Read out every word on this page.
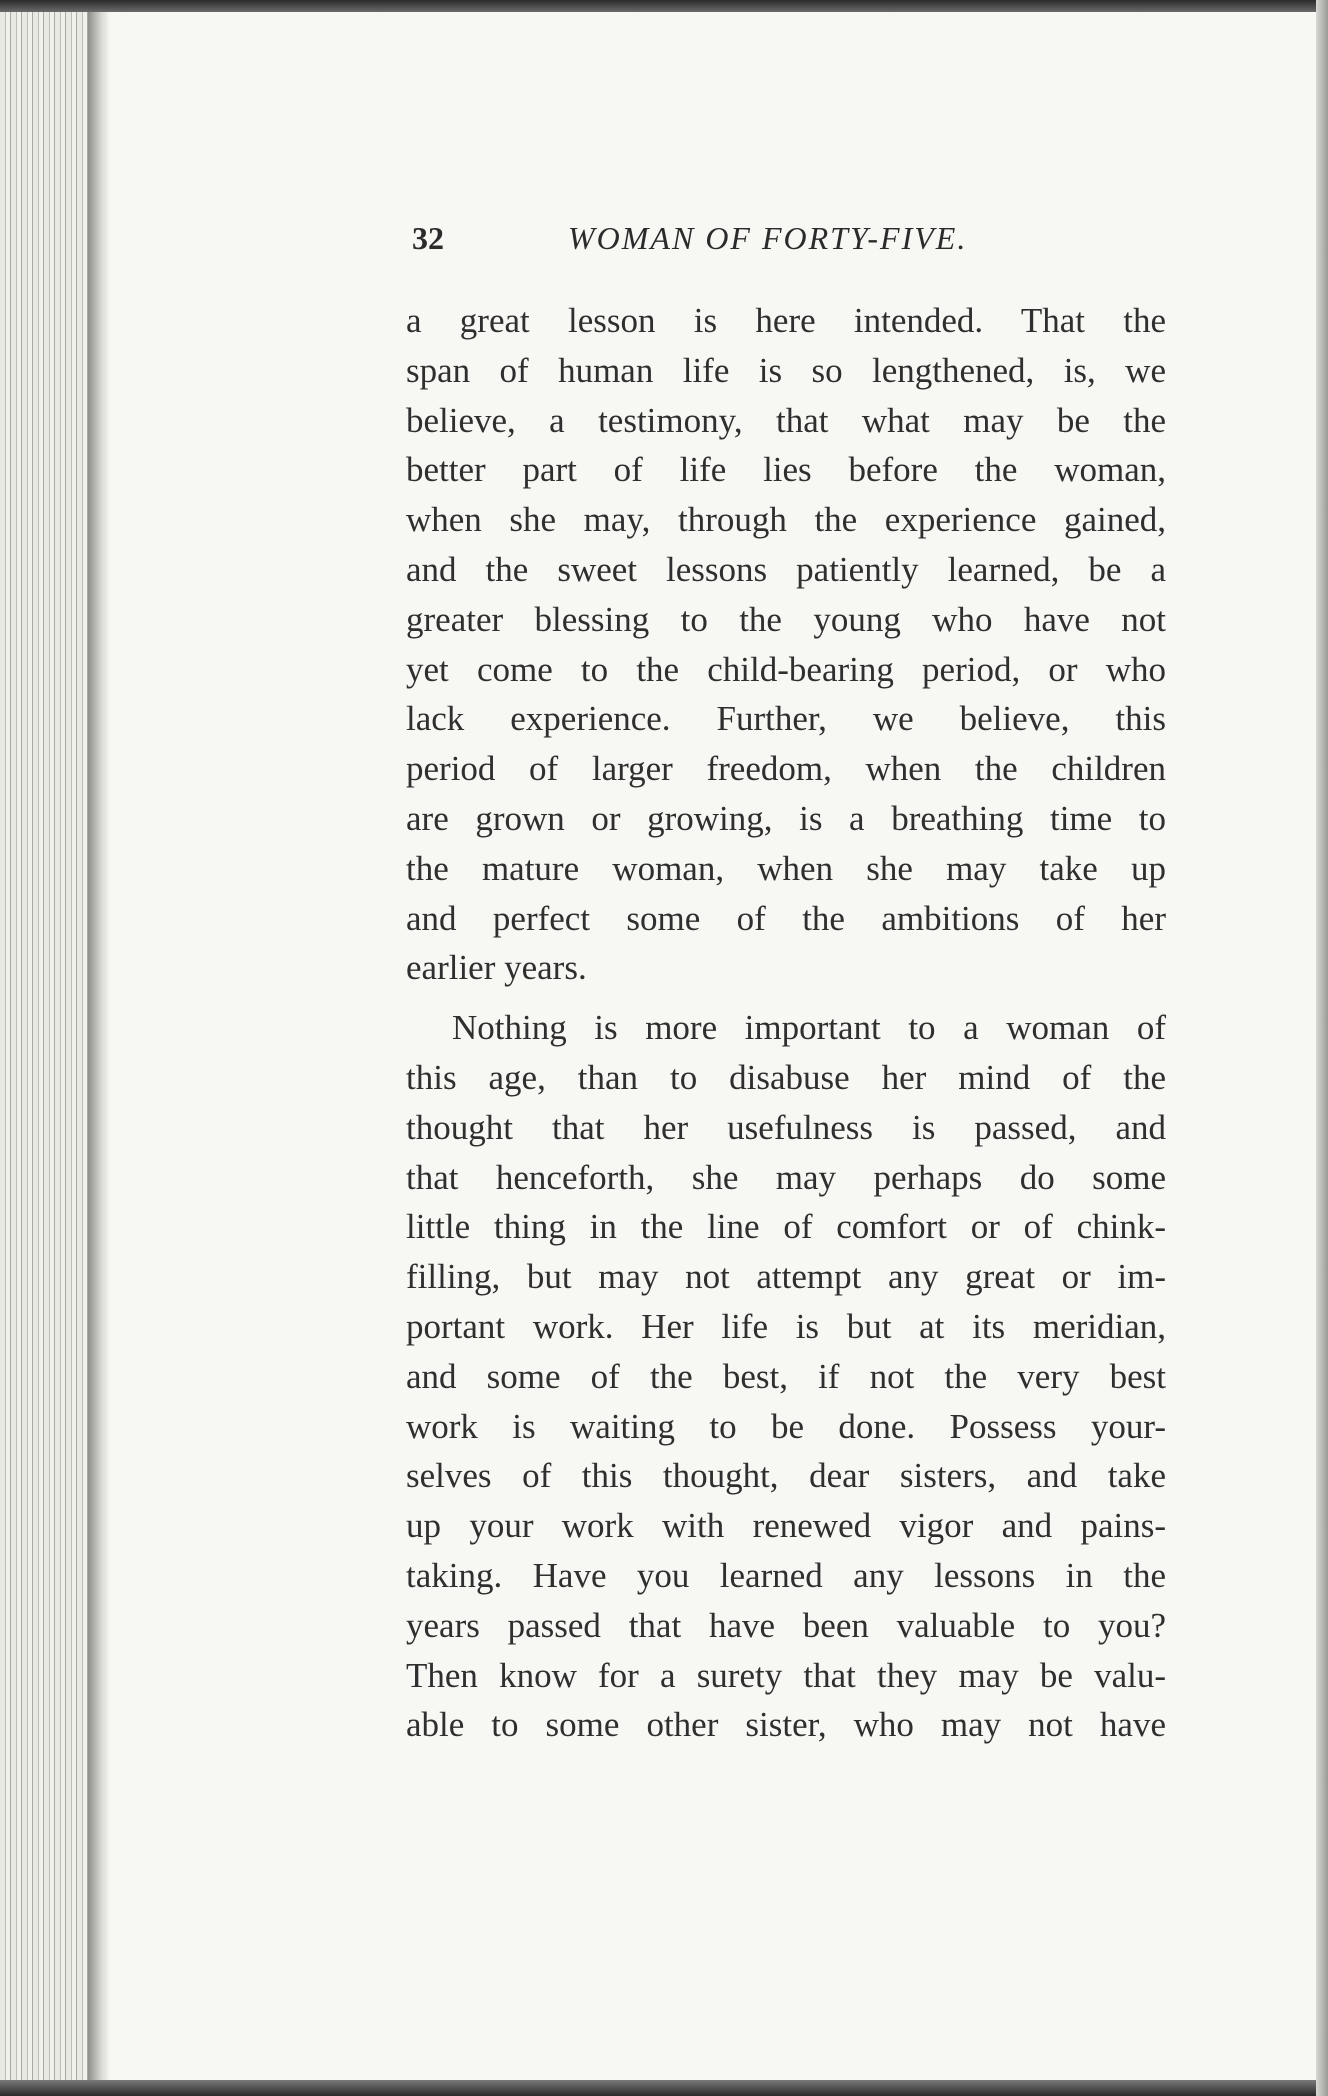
32	WOMAN OF FORTY-FIVE.
a great lesson is here intended. That the
span of human life is so lengthened, is, we
believe, a testimony, that what may be the
better part of life lies before the woman,
when she may, through the experience gained,
and the sweet lessons patiently learned, be a
greater blessing to the young who have not
yet come to the child-bearing period, or who
lack experience. Further, we believe, this
period of larger freedom, when the children
are grown or growing, is a breathing time to
the mature woman, when she may take up
and perfect some of the ambitions of her
earlier years.
Nothing is more important to a woman of
this age, than to disabuse her mind of the
thought that her usefulness is passed, and
that henceforth, she may perhaps do some
little thing in the line of comfort or of chink-
filling, but may not attempt any great or im-
portant work. Her life is but at its meridian,
and some of the best, if not the very best
work is waiting to be done. Possess your-
selves of this thought, dear sisters, and take
up your work with renewed vigor and pains-
taking. Have you learned any lessons in the
years passed that have been valuable to you?
Then know for a surety that they may be valu-
able to some other sister, who may not have
